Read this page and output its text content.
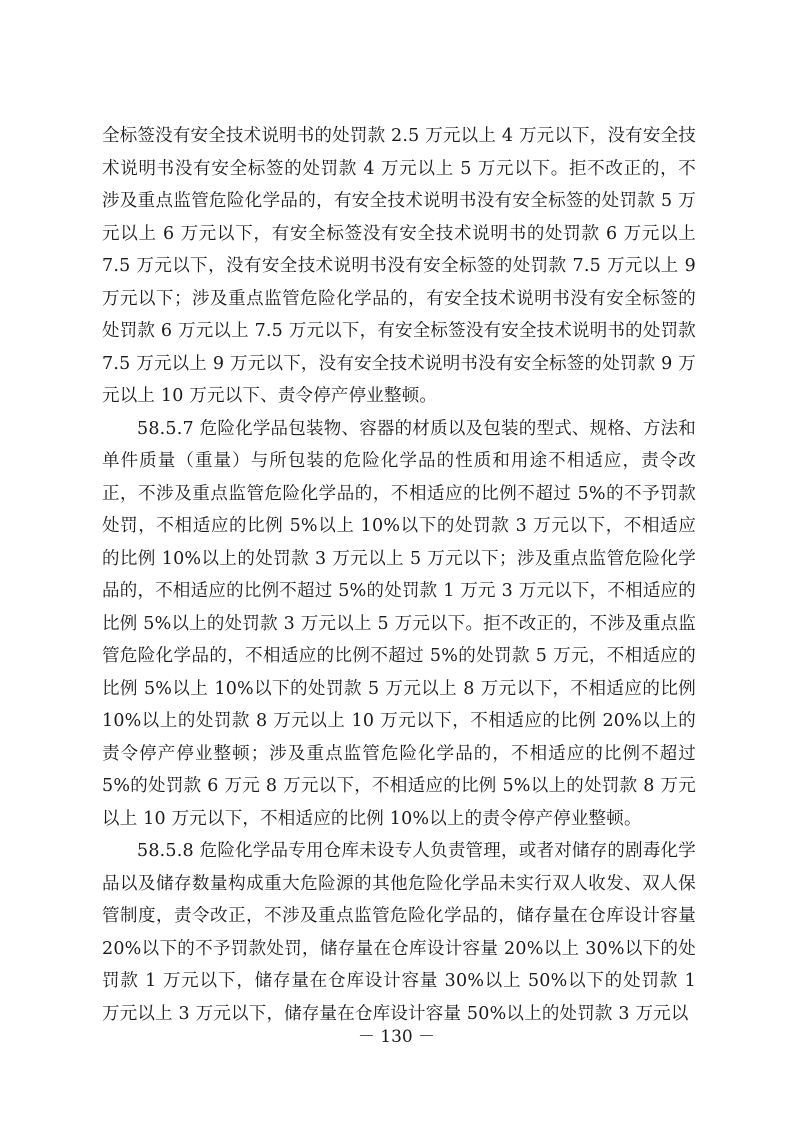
全标签没有安全技术说明书的处罚款 2.5 万元以上 4 万元以下，没有安全技术说明书没有安全标签的处罚款 4 万元以上 5 万元以下。拒不改正的，不涉及重点监管危险化学品的，有安全技术说明书没有安全标签的处罚款 5 万元以上 6 万元以下，有安全标签没有安全技术说明书的处罚款 6 万元以上 7.5 万元以下，没有安全技术说明书没有安全标签的处罚款 7.5 万元以上 9 万元以下；涉及重点监管危险化学品的，有安全技术说明书没有安全标签的处罚款 6 万元以上 7.5 万元以下，有安全标签没有安全技术说明书的处罚款 7.5 万元以上 9 万元以下，没有安全技术说明书没有安全标签的处罚款 9 万元以上 10 万元以下、责令停产停业整顿。

58.5.7 危险化学品包装物、容器的材质以及包装的型式、规格、方法和单件质量（重量）与所包装的危险化学品的性质和用途不相适应，责令改正，不涉及重点监管危险化学品的，不相适应的比例不超过 5%的不予罚款处罚，不相适应的比例 5%以上 10%以下的处罚款 3 万元以下，不相适应的比例 10%以上的处罚款 3 万元以上 5 万元以下；涉及重点监管危险化学品的，不相适应的比例不超过 5%的处罚款 1 万元 3 万元以下，不相适应的比例 5%以上的处罚款 3 万元以上 5 万元以下。拒不改正的，不涉及重点监管危险化学品的，不相适应的比例不超过 5%的处罚款 5 万元，不相适应的比例 5%以上 10%以下的处罚款 5 万元以上 8 万元以下，不相适应的比例 10%以上的处罚款 8 万元以上 10 万元以下，不相适应的比例 20%以上的责令停产停业整顿；涉及重点监管危险化学品的，不相适应的比例不超过 5%的处罚款 6 万元 8 万元以下，不相适应的比例 5%以上的处罚款 8 万元以上 10 万元以下，不相适应的比例 10%以上的责令停产停业整顿。

58.5.8 危险化学品专用仓库未设专人负责管理，或者对储存的剧毒化学品以及储存数量构成重大危险源的其他危险化学品未实行双人收发、双人保管制度，责令改正，不涉及重点监管危险化学品的，储存量在仓库设计容量 20%以下的不予罚款处罚，储存量在仓库设计容量 20%以上 30%以下的处罚款 1 万元以下，储存量在仓库设计容量 30%以上 50%以下的处罚款 1 万元以上 3 万元以下，储存量在仓库设计容量 50%以上的处罚款 3 万元以

－ 130 －
